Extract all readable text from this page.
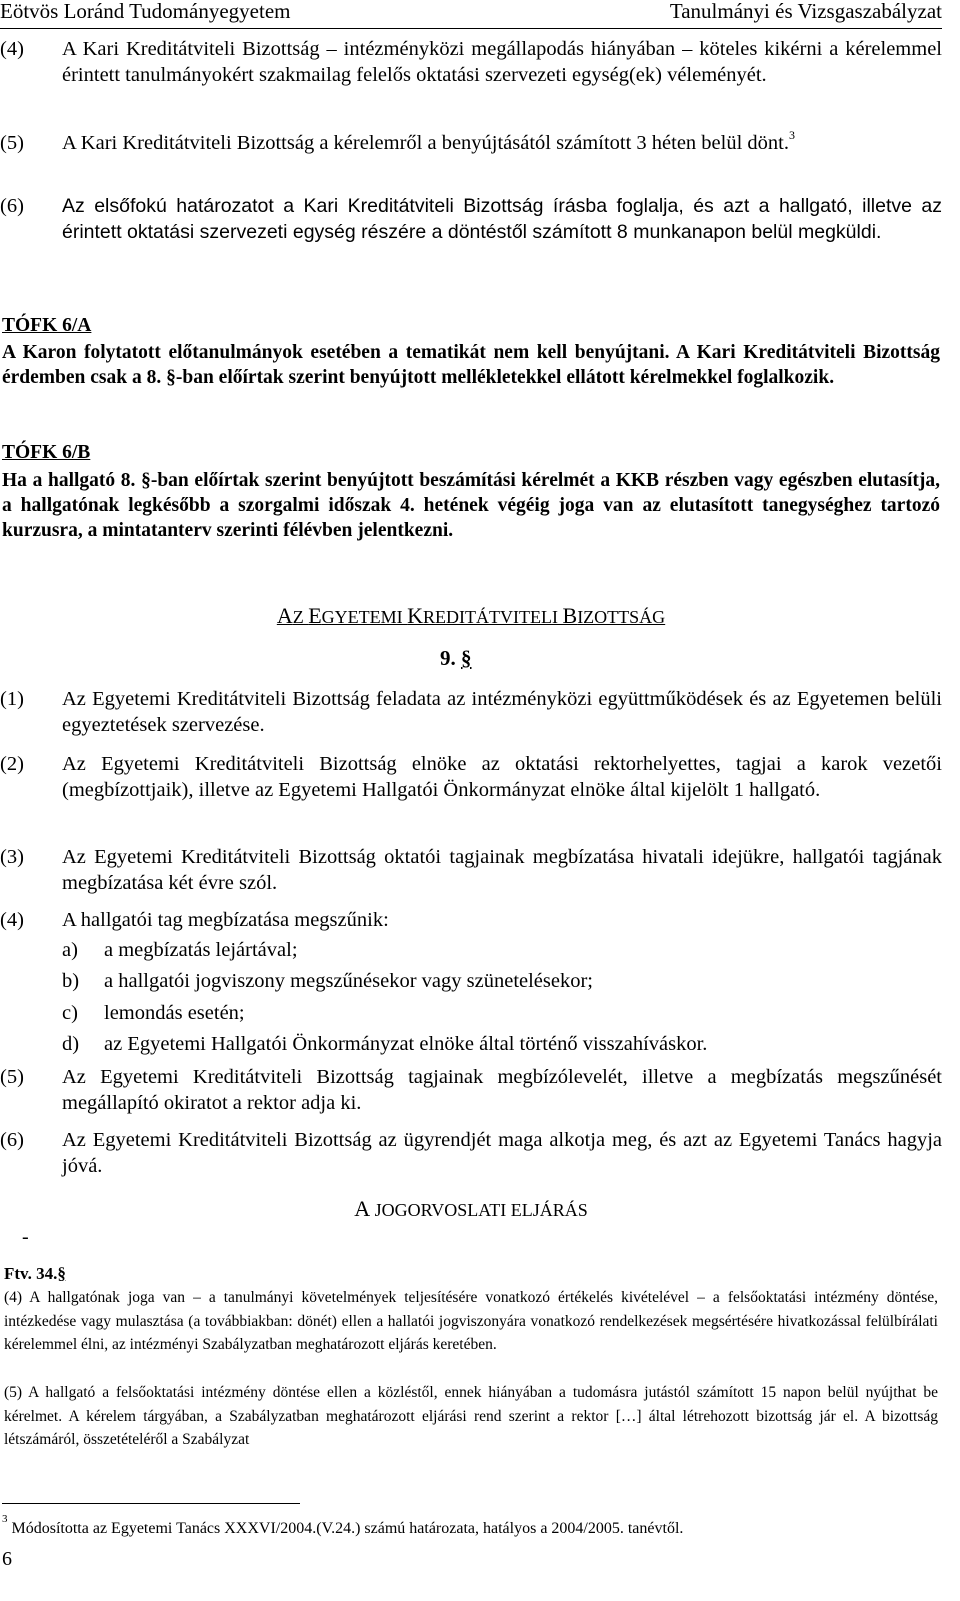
Eötvös Loránd Tudományegyetem	Tanulmányi és Vizsgaszabályzat
(4) A Kari Kreditátviteli Bizottság – intézményközi megállapodás hiányában – köteles kikérni a kérelemmel érintett tanulmányokért szakmailag felelős oktatási szervezeti egység(ek) véleményét.
(5) A Kari Kreditátviteli Bizottság a kérelemről a benyújtásától számított 3 héten belül dönt.$^3$
(6) Az elsőfokú határozatot a Kari Kreditátviteli Bizottság írásba foglalja, és azt a hallgató, illetve az érintett oktatási szervezeti egység részére a döntéstől számított 8 munkanapon belül megküldi.
TÓFK 6/A
A Karon folytatott előtanulmányok esetében a tematikát nem kell benyújtani. A Kari Kreditátviteli Bizottság érdemben csak a 8. §-ban előírtak szerint benyújtott mellékletekkel ellátott kérelmekkel foglalkozik.
TÓFK 6/B
Ha a hallgató 8. §-ban előírtak szerint benyújtott beszámítási kérelmét a KKB részben vagy egészben elutasítja, a hallgatónak legkésőbb a szorgalmi időszak 4. hetének végéig joga van az elutasított tanegységhez tartozó kurzusra, a mintatanterv szerinti félévben jelentkezni.
AZ EGYETEMI KREDITÁTVITELI BIZOTTSÁG
9. §
(1) Az Egyetemi Kreditátviteli Bizottság feladata az intézményközi együttműködések és az Egyetemen belüli egyeztetések szervezése.
(2) Az Egyetemi Kreditátviteli Bizottság elnöke az oktatási rektorhelyettes, tagjai a karok vezetői (megbízottjaik), illetve az Egyetemi Hallgatói Önkormányzat elnöke által kijelölt 1 hallgató.
(3) Az Egyetemi Kreditátviteli Bizottság oktatói tagjainak megbízatása hivatali idejükre, hallgatói tagjának megbízatása két évre szól.
(4) A hallgatói tag megbízatása megszűnik:
a) a megbízatás lejártával;
b) a hallgatói jogviszony megszűnésekor vagy szünetelésekor;
c) lemondás esetén;
d) az Egyetemi Hallgatói Önkormányzat elnöke által történő visszahíváskor.
(5) Az Egyetemi Kreditátviteli Bizottság tagjainak megbízólevelét, illetve a megbízatás megszűnését megállapító okiratot a rektor adja ki.
(6) Az Egyetemi Kreditátviteli Bizottság az ügyrendjét maga alkotja meg, és azt az Egyetemi Tanács hagyja jóvá.
A JOGORVOSLATI ELJÁRÁS
-
Ftv. 34.§
(4) A hallgatónak joga van – a tanulmányi követelmények teljesítésére vonatkozó értékelés kivételével – a felsőoktatási intézmény döntése, intézkedése vagy mulasztása (a továbbiakban: dönét) ellen a hallatói jogviszonyára vonatkozó rendelkezések megsértésére hivatkozással felülbírálati kérelemmel élni, az intézményi Szabályzatban meghatározott eljárás keretében.
(5) A hallgató a felsőoktatási intézmény döntése ellen a közléstől, ennek hiányában a tudomásra jutástól számított 15 napon belül nyújthat be kérelmet. A kérelem tárgyában, a Szabályzatban meghatározott eljárási rend szerint a rektor […] által létrehozott bizottság jár el. A bizottság létszámáról, összetételéről a Szabályzat
$^3$ Módosította az Egyetemi Tanács XXXVI/2004.(V.24.) számú határozata, hatályos a 2004/2005. tanévtől.
6
